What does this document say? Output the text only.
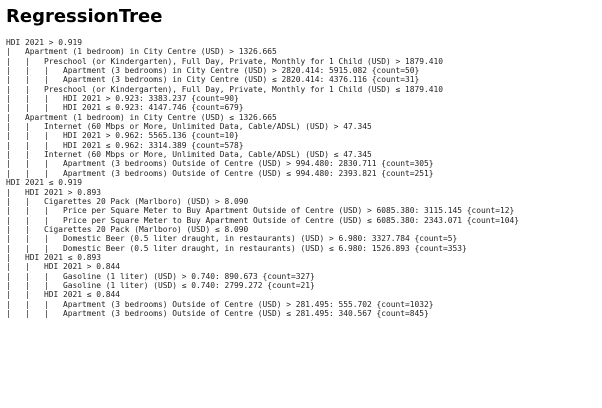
RegressionTree
HDI 2021 > 0.919
|   Apartment (1 bedroom) in City Centre (USD) > 1326.665
|   |   Preschool (or Kindergarten), Full Day, Private, Monthly for 1 Child (USD) > 1879.410
|   |   |   Apartment (3 bedrooms) in City Centre (USD) > 2820.414: 5915.082 {count=50}
|   |   |   Apartment (3 bedrooms) in City Centre (USD) ≤ 2820.414: 4376.116 {count=31}
|   |   Preschool (or Kindergarten), Full Day, Private, Monthly for 1 Child (USD) ≤ 1879.410
|   |   |   HDI 2021 > 0.923: 3383.237 {count=90}
|   |   |   HDI 2021 ≤ 0.923: 4147.746 {count=679}
|   Apartment (1 bedroom) in City Centre (USD) ≤ 1326.665
|   |   Internet (60 Mbps or More, Unlimited Data, Cable/ADSL) (USD) > 47.345
|   |   |   HDI 2021 > 0.962: 5565.136 {count=10}
|   |   |   HDI 2021 ≤ 0.962: 3314.389 {count=578}
|   |   Internet (60 Mbps or More, Unlimited Data, Cable/ADSL) (USD) ≤ 47.345
|   |   |   Apartment (3 bedrooms) Outside of Centre (USD) > 994.480: 2830.711 {count=305}
|   |   |   Apartment (3 bedrooms) Outside of Centre (USD) ≤ 994.480: 2393.821 {count=251}
HDI 2021 ≤ 0.919
|   HDI 2021 > 0.893
|   |   Cigarettes 20 Pack (Marlboro) (USD) > 8.090
|   |   |   Price per Square Meter to Buy Apartment Outside of Centre (USD) > 6085.380: 3115.145 {count=12}
|   |   |   Price per Square Meter to Buy Apartment Outside of Centre (USD) ≤ 6085.380: 2343.071 {count=104}
|   |   Cigarettes 20 Pack (Marlboro) (USD) ≤ 8.090
|   |   |   Domestic Beer (0.5 liter draught, in restaurants) (USD) > 6.980: 3327.784 {count=5}
|   |   |   Domestic Beer (0.5 liter draught, in restaurants) (USD) ≤ 6.980: 1526.893 {count=353}
|   HDI 2021 ≤ 0.893
|   |   HDI 2021 > 0.844
|   |   |   Gasoline (1 liter) (USD) > 0.740: 890.673 {count=327}
|   |   |   Gasoline (1 liter) (USD) ≤ 0.740: 2799.272 {count=21}
|   |   HDI 2021 ≤ 0.844
|   |   |   Apartment (3 bedrooms) Outside of Centre (USD) > 281.495: 555.702 {count=1032}
|   |   |   Apartment (3 bedrooms) Outside of Centre (USD) ≤ 281.495: 340.567 {count=845}
